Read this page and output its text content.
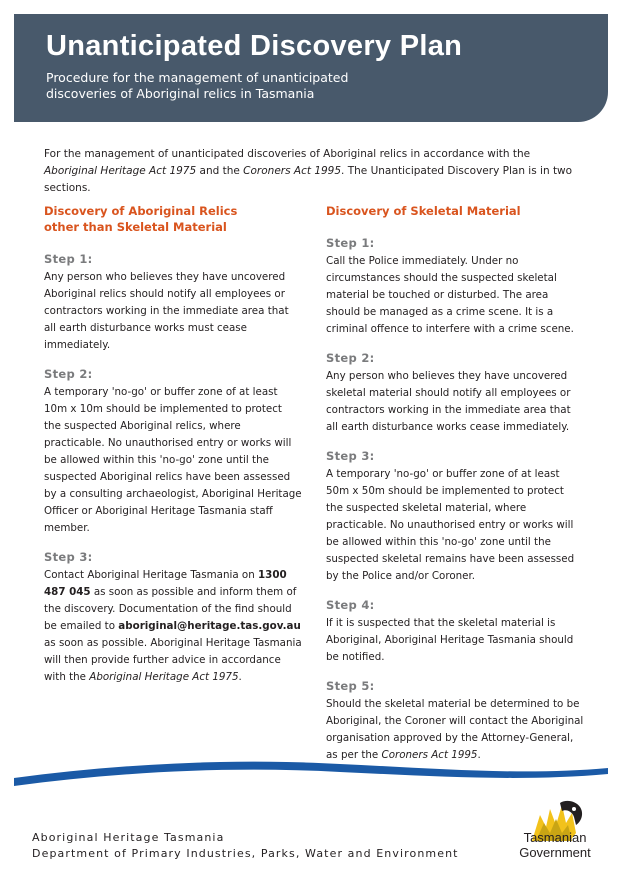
Unanticipated Discovery Plan
Procedure for the management of unanticipated
discoveries of Aboriginal relics in Tasmania

For the management of unanticipated discoveries of Aboriginal relics in accordance with the Aboriginal Heritage Act 1975 and the Coroners Act 1995. The Unanticipated Discovery Plan is in two sections.

Discovery of Aboriginal Relics
other than Skeletal Material
Step 1:

Any person who believes they have uncovered Aboriginal relics should notify all employees or contractors working in the immediate area that all earth disturbance works must cease immediately.

Step 2:

A temporary 'no-go' or buffer zone of at least 10m x 10m should be implemented to protect the suspected Aboriginal relics, where practicable. No unauthorised entry or works will be allowed within this 'no-go' zone until the suspected Aboriginal relics have been assessed by a consulting archaeologist, Aboriginal Heritage Officer or Aboriginal Heritage Tasmania staff member.

Step 3:

Contact Aboriginal Heritage Tasmania on 1300 487 045 as soon as possible and inform them of the discovery. Documentation of the find should be emailed to aboriginal@heritage.tas.gov.au as soon as possible. Aboriginal Heritage Tasmania will then provide further advice in accordance with the Aboriginal Heritage Act 1975.

Discovery of Skeletal Material
Step 1:

Call the Police immediately. Under no circumstances should the suspected skeletal material be touched or disturbed. The area should be managed as a crime scene. It is a criminal offence to interfere with a crime scene.

Step 2:

Any person who believes they have uncovered skeletal material should notify all employees or contractors working in the immediate area that all earth disturbance works cease immediately.

Step 3:

A temporary 'no-go' or buffer zone of at least 50m x 50m should be implemented to protect the suspected skeletal material, where practicable. No unauthorised entry or works will be allowed within this 'no-go' zone until the suspected skeletal remains have been assessed by the Police and/or Coroner.

Step 4:

If it is suspected that the skeletal material is Aboriginal, Aboriginal Heritage Tasmania should be notified.

Step 5:

Should the skeletal material be determined to be Aboriginal, the Coroner will contact the Aboriginal organisation approved by the Attorney-General, as per the Coroners Act 1995.

Aboriginal Heritage Tasmania
Department of Primary Industries, Parks, Water and Environment
Tasmanian
Government
